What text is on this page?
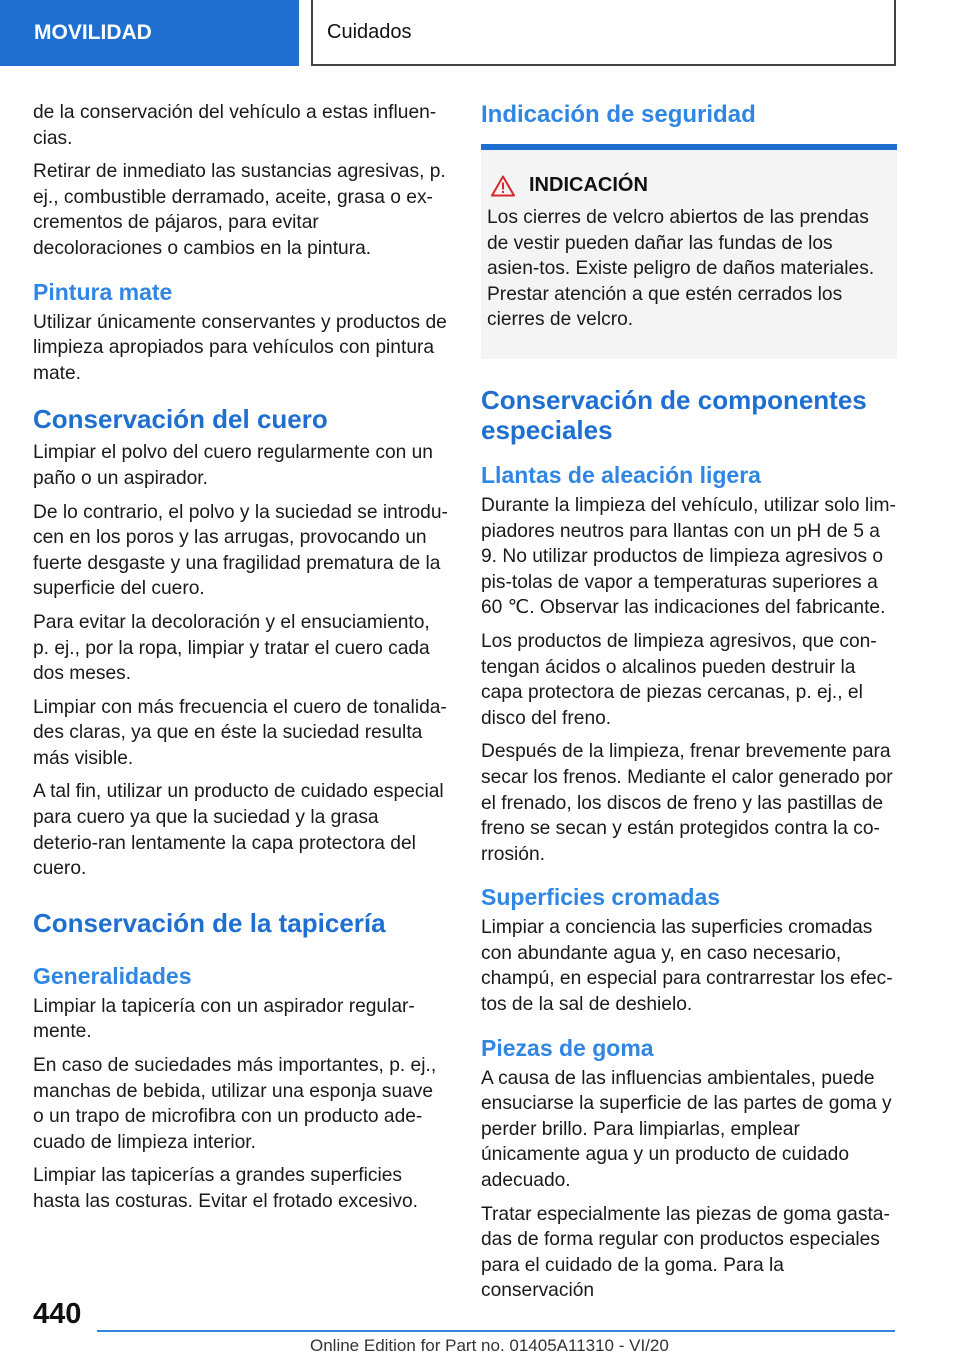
MOVILIDAD	Cuidados

de la conservación del vehículo a estas influen-cias.

Retirar de inmediato las sustancias agresivas, p. ej., combustible derramado, aceite, grasa o ex-crementos de pájaros, para evitar decoloraciones o cambios en la pintura.

Pintura mate

Utilizar únicamente conservantes y productos de limpieza apropiados para vehículos con pintura mate.

Conservación del cuero

Limpiar el polvo del cuero regularmente con un paño o un aspirador.

De lo contrario, el polvo y la suciedad se introdu-cen en los poros y las arrugas, provocando un fuerte desgaste y una fragilidad prematura de la superficie del cuero.

Para evitar la decoloración y el ensuciamiento, p. ej., por la ropa, limpiar y tratar el cuero cada dos meses.

Limpiar con más frecuencia el cuero de tonalida-des claras, ya que en éste la suciedad resulta más visible.

A tal fin, utilizar un producto de cuidado especial para cuero ya que la suciedad y la grasa deterio-ran lentamente la capa protectora del cuero.

Conservación de la tapicería
Generalidades

Limpiar la tapicería con un aspirador regular-mente.

En caso de suciedades más importantes, p. ej., manchas de bebida, utilizar una esponja suave o un trapo de microfibra con un producto ade-cuado de limpieza interior.

Limpiar las tapicerías a grandes superficies hasta las costuras. Evitar el frotado excesivo.

Indicación de seguridad
INDICACIÓN

Los cierres de velcro abiertos de las prendas de vestir pueden dañar las fundas de los asien-tos. Existe peligro de daños materiales. Prestar atención a que estén cerrados los cierres de velcro.

Conservación de componentes especiales
Llantas de aleación ligera

Durante la limpieza del vehículo, utilizar solo lim-piadores neutros para llantas con un pH de 5 a 9. No utilizar productos de limpieza agresivos o pis-tolas de vapor a temperaturas superiores a 60 ℃. Observar las indicaciones del fabricante.

Los productos de limpieza agresivos, que con-tengan ácidos o alcalinos pueden destruir la capa protectora de piezas cercanas, p. ej., el disco del freno.

Después de la limpieza, frenar brevemente para secar los frenos. Mediante el calor generado por el frenado, los discos de freno y las pastillas de freno se secan y están protegidos contra la co-rrosión.

Superficies cromadas

Limpiar a conciencia las superficies cromadas con abundante agua y, en caso necesario, champú, en especial para contrarrestar los efec-tos de la sal de deshielo.

Piezas de goma

A causa de las influencias ambientales, puede ensuciarse la superficie de las partes de goma y perder brillo. Para limpiarlas, emplear únicamente agua y un producto de cuidado adecuado.

Tratar especialmente las piezas de goma gasta-das de forma regular con productos especiales para el cuidado de la goma. Para la conservación

440
Online Edition for Part no. 01405A11310 - VI/20
